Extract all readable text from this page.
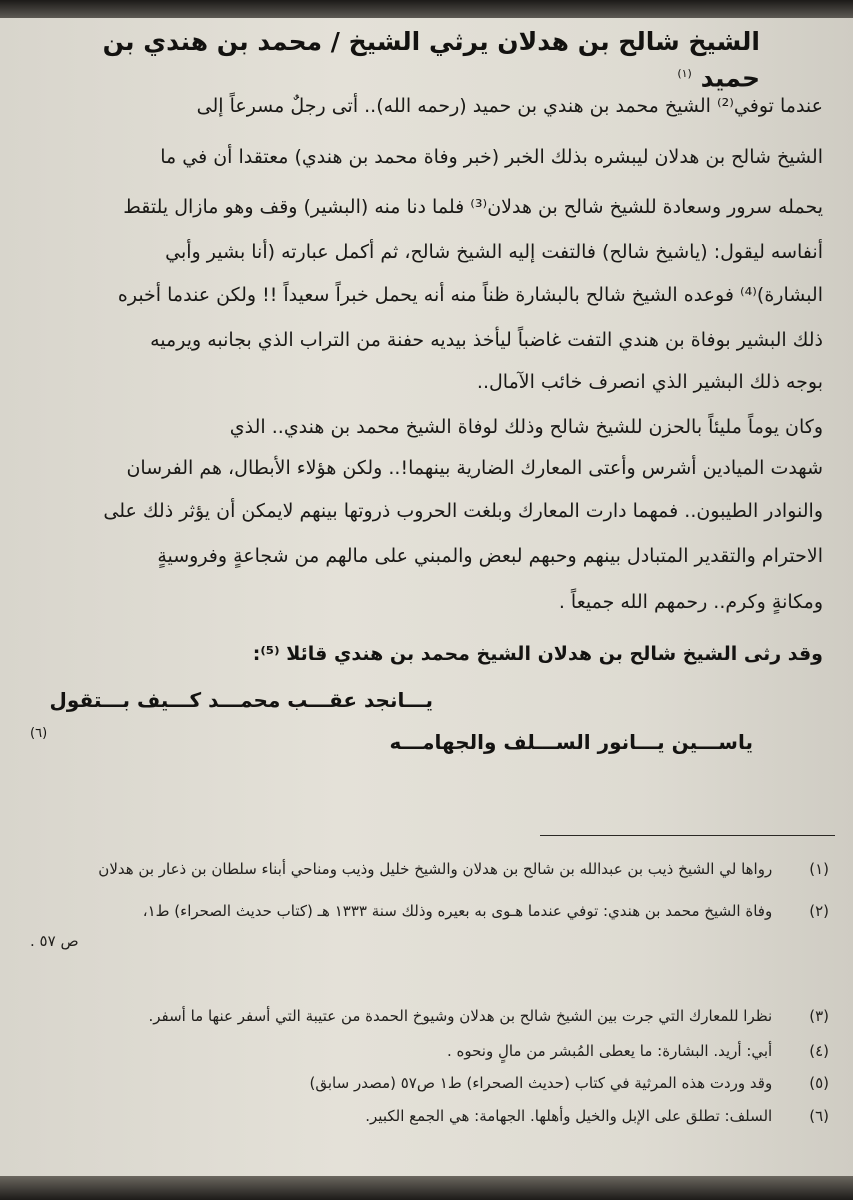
الشيخ شالح بن هدلان يرثي الشيخ / محمد بن هندي بن حميد $^{(١)}$
عندما توفي⁽²⁾ الشيخ محمد بن هندي بن حميد (رحمه الله).. أتى رجلٌ مسرعاً إلى
الشيخ شالح بن هدلان ليبشره بذلك الخبر (خبر وفاة محمد بن هندي) معتقدا أن في ما
يحمله سرور وسعادة للشيخ شالح بن هدلان⁽³⁾ فلما دنا منه (البشير) وقف وهو مازال يلتقط
أنفاسه ليقول: (ياشيخ شالح) فالتفت إليه الشيخ شالح، ثم أكمل عبارته (أنا بشير وأبي
البشارة)⁽⁴⁾ فوعده الشيخ شالح بالبشارة ظناً منه أنه يحمل خبراً سعيداً !! ولكن عندما أخبره
ذلك البشير بوفاة بن هندي التفت غاضباً ليأخذ بيديه حفنة من التراب الذي بجانبه ويرميه
بوجه ذلك البشير الذي انصرف خائب الآمال..
وكان يوماً مليئاً بالحزن للشيخ شالح وذلك لوفاة الشيخ محمد بن هندي.. الذي
شهدت الميادين أشرس وأعتى المعارك الضارية بينهما!.. ولكن هؤلاء الأبطال، هم الفرسان
والنوادر الطيبون.. فمهما دارت المعارك وبلغت الحروب ذروتها بينهم لايمكن أن يؤثر ذلك على
الاحترام والتقدير المتبادل بينهم وحبهم لبعض والمبني على مالهم من شجاعةٍ وفروسيةٍ
ومكانةٍ وكرم.. رحمهم الله جميعاً .
وقد رثى الشيخ شالح بن هدلان الشيخ محمد بن هندي قائلا ⁽⁵⁾:
يـــانجد عقـــب محمـــد كـــيف بـــتقول
ياســـين يـــانور الســـلف والجهامـــه
(٦)
(١) رواها لي الشيخ ذيب بن عبدالله بن شالح بن هدلان والشيخ خليل وذيب ومناحي أبناء سلطان بن ذعار بن هدلان
(٢) وفاة الشيخ محمد بن هندي: توفي عندما هـوى به بعيره وذلك سنة ١٣٣٣ هـ (كتاب حديث الصحراء) ط١،
ص ٥٧ .
(٣) نظرا للمعارك التي جرت بين الشيخ شالح بن هدلان وشيوخ الحمدة من عتيبة التي أسفر عنها ما أسفر.
(٤) أبي: أريد. البشارة: ما يعطى المُبشر من مالٍ ونحوه .
(٥) وقد وردت هذه المرثية في كتاب (حديث الصحراء) ط١ ص٥٧ (مصدر سابق)
(٦) السلف: تطلق على الإبل والخيل وأهلها. الجهامة: هي الجمع الكبير.
